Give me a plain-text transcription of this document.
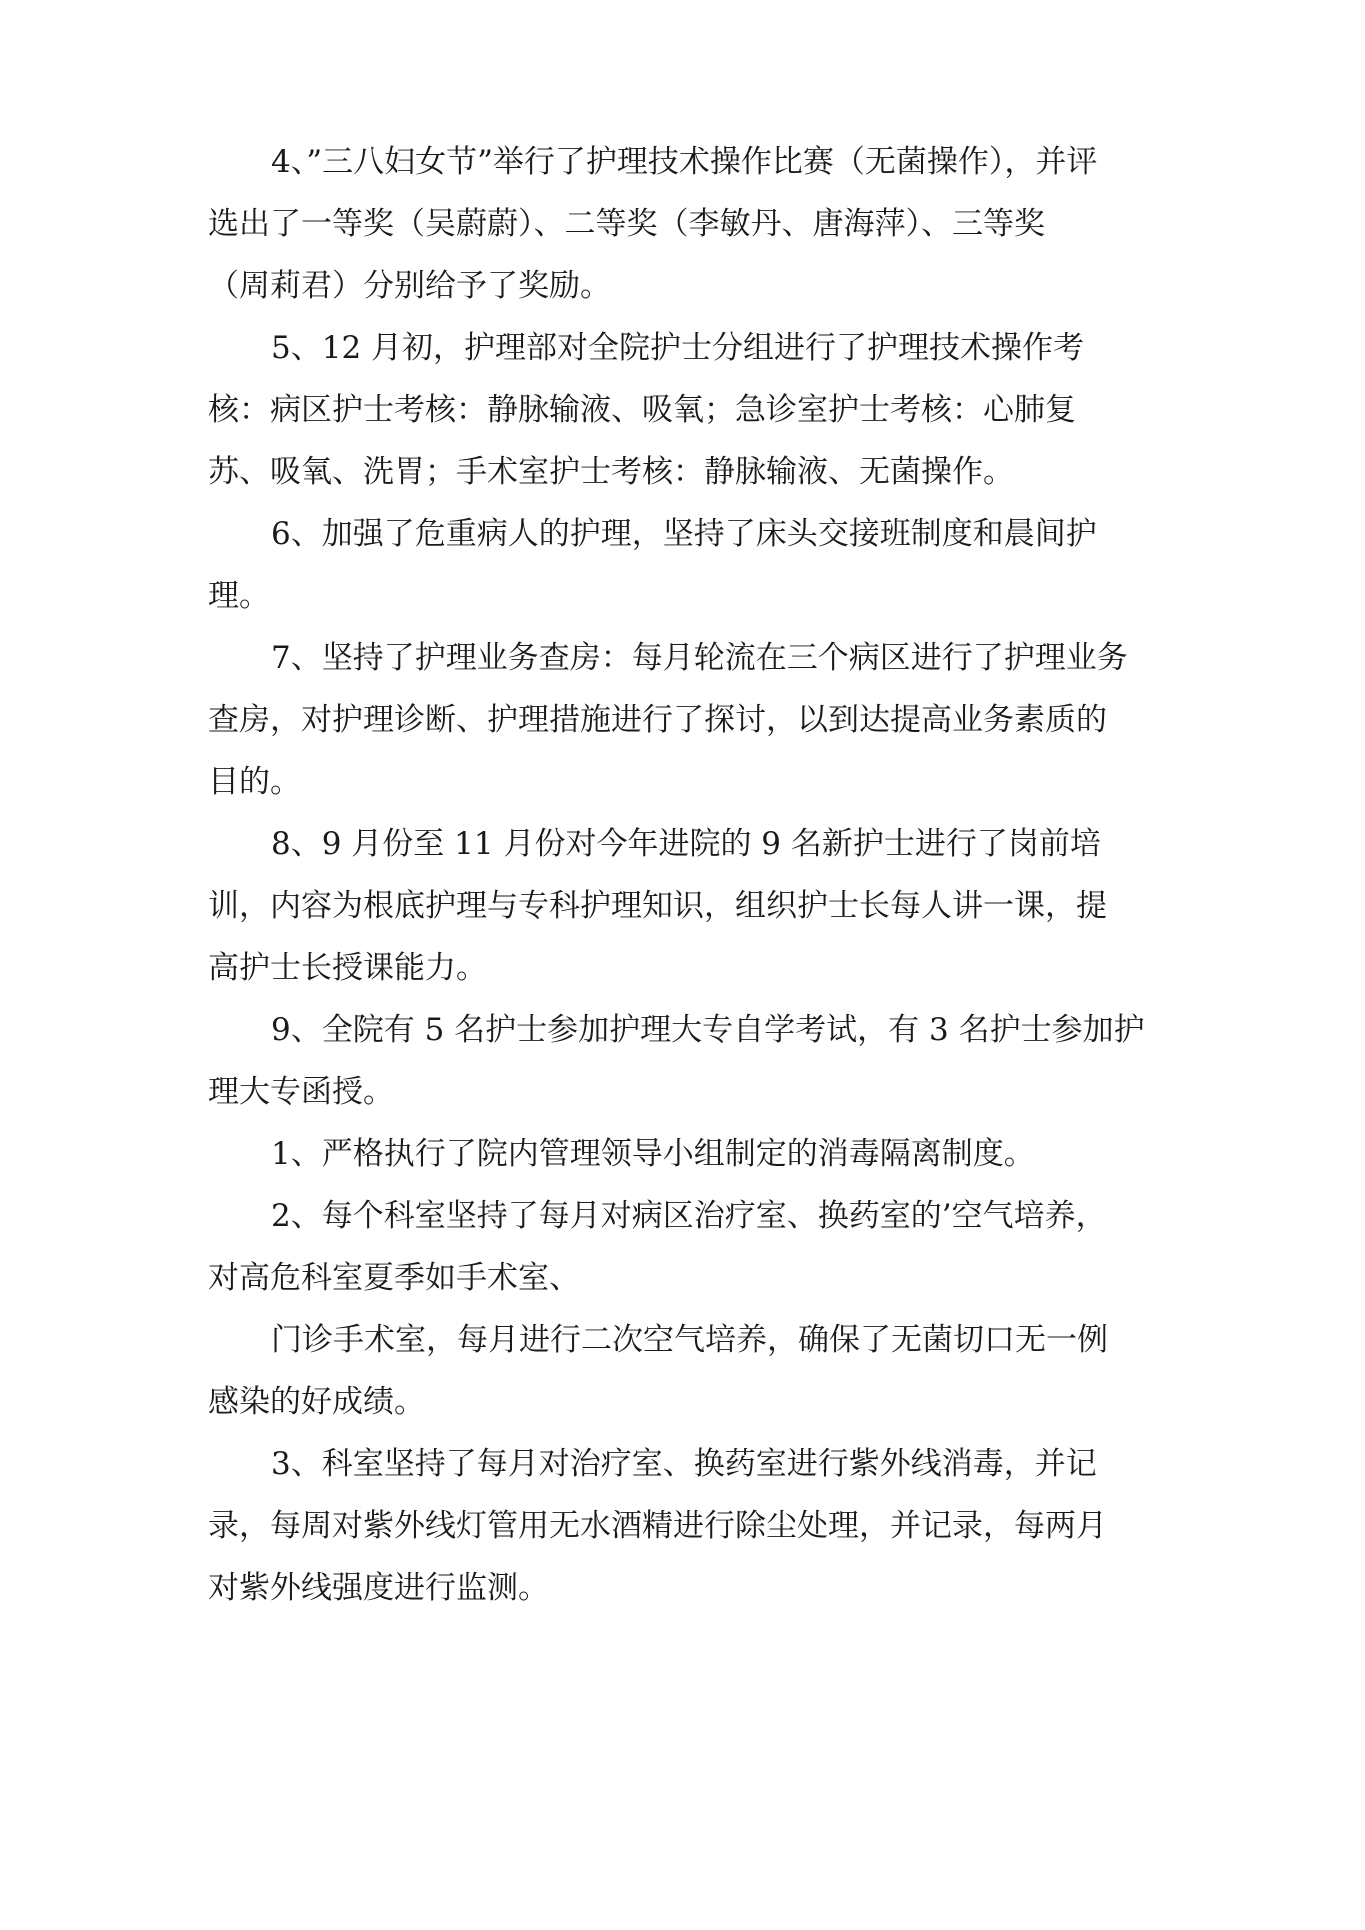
4、”三八妇女节”举行了护理技术操作比赛（无菌操作），并评
选出了一等奖（吴蔚蔚）、二等奖（李敏丹、唐海萍）、三等奖
（周莉君）分别给予了奖励。
5、12 月初，护理部对全院护士分组进行了护理技术操作考
核：病区护士考核：静脉输液、吸氧；急诊室护士考核：心肺复
苏、吸氧、洗胃；手术室护士考核：静脉输液、无菌操作。
6、加强了危重病人的护理，坚持了床头交接班制度和晨间护
理。
7、坚持了护理业务查房：每月轮流在三个病区进行了护理业务
查房，对护理诊断、护理措施进行了探讨，以到达提高业务素质的
目的。
8、9 月份至 11 月份对今年进院的 9 名新护士进行了岗前培
训，内容为根底护理与专科护理知识，组织护士长每人讲一课，提
高护士长授课能力。
9、全院有 5 名护士参加护理大专自学考试，有 3 名护士参加护
理大专函授。
1、严格执行了院内管理领导小组制定的消毒隔离制度。
2、每个科室坚持了每月对病区治疗室、换药室的’空气培养，
对高危科室夏季如手术室、
门诊手术室，每月进行二次空气培养，确保了无菌切口无一例
感染的好成绩。
3、科室坚持了每月对治疗室、换药室进行紫外线消毒，并记
录，每周对紫外线灯管用无水酒精进行除尘处理，并记录，每两月
对紫外线强度进行监测。
